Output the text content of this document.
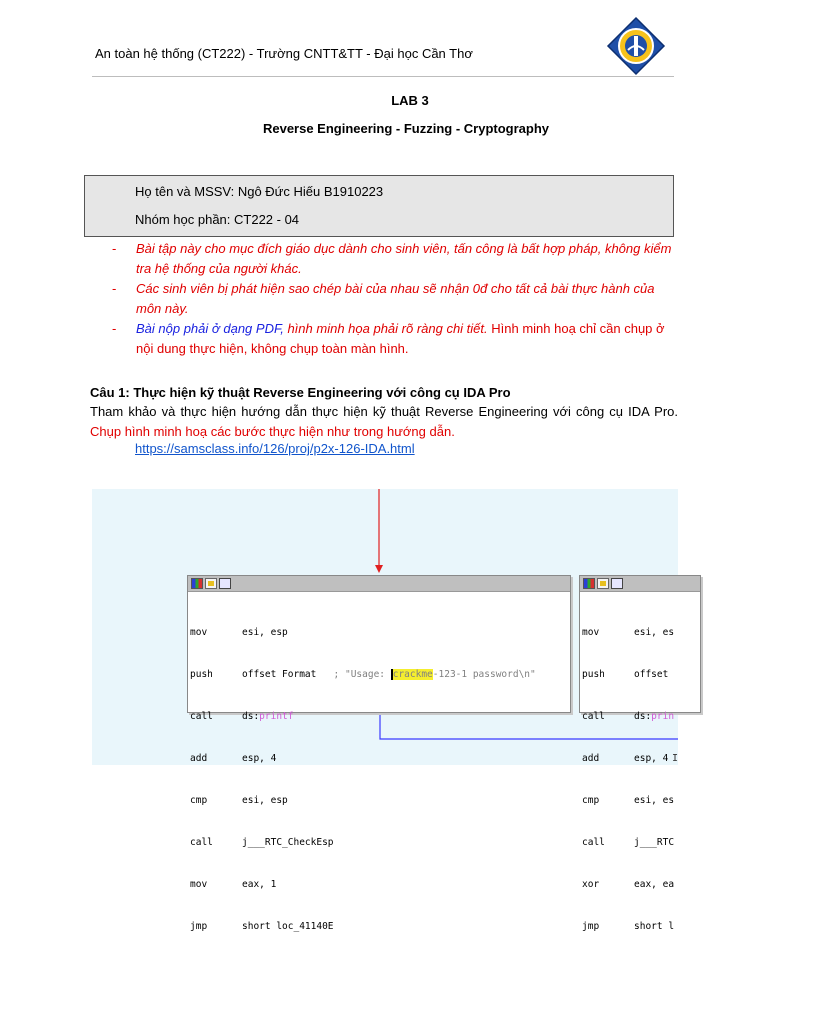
An toàn hệ thống (CT222) - Trường CNTT&TT - Đại học Cần Thơ
LAB 3
Reverse Engineering - Fuzzing - Cryptography
Họ tên và MSSV: Ngô Đức Hiếu B1910223
Nhóm học phần: CT222 - 04
- Bài tập này cho mục đích giáo dục dành cho sinh viên, tấn công là bất hợp pháp, không kiểm tra hệ thống của người khác.
- Các sinh viên bị phát hiện sao chép bài của nhau sẽ nhận 0đ cho tất cả bài thực hành của môn này.
- Bài nộp phải ở dạng PDF, hình minh họa phải rõ ràng chi tiết. Hình minh hoạ chỉ cần chụp ở nội dung thực hiện, không chụp toàn màn hình.
Câu 1: Thực hiện kỹ thuật Reverse Engineering với công cụ IDA Pro
Tham khảo và thực hiện hướng dẫn thực hiện kỹ thuật Reverse Engineering với công cụ IDA Pro. Chụp hình minh hoạ các bước thực hiện như trong hướng dẫn.
https://samsclass.info/126/proj/p2x-126-IDA.html

mov	esi, esp

push	offset Format	; "Usage: crackme-123-1 password\n"

call	ds:printf

add	esp, 4

cmp	esi, esp

call	j___RTC_CheckEsp

mov	eax, 1

jmp	short loc_41140E

mov	esi, es

push	offset

call	ds:prin

add	esp, 4

cmp	esi, es

call	j___RTC

xor	eax, ea

jmp	short l

I
